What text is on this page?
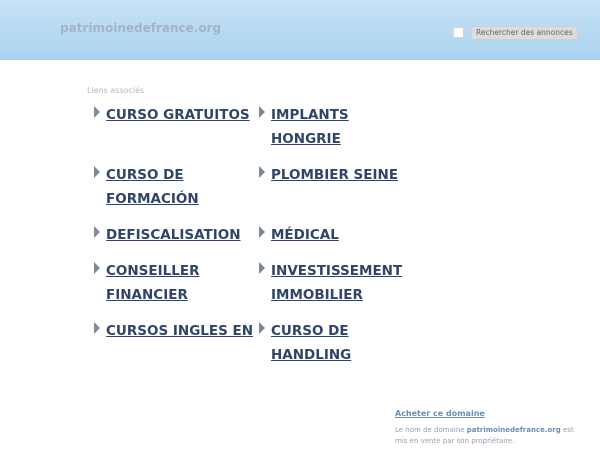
patrimoinedefrance.org	Rechercher des annonces
Liens associés
CURSO GRATUITOS
CURSO DE
FORMACIÓN
DEFISCALISATION
CONSEILLER
FINANCIER
CURSOS INGLES EN
IMPLANTS
HONGRIE
PLOMBIER SEINE
MÉDICAL
INVESTISSEMENT
IMMOBILIER
CURSO DE
HANDLING
Acheter ce domaine
Le nom de domaine patrimoinedefrance.org est mis en vente par son propriétaire.
